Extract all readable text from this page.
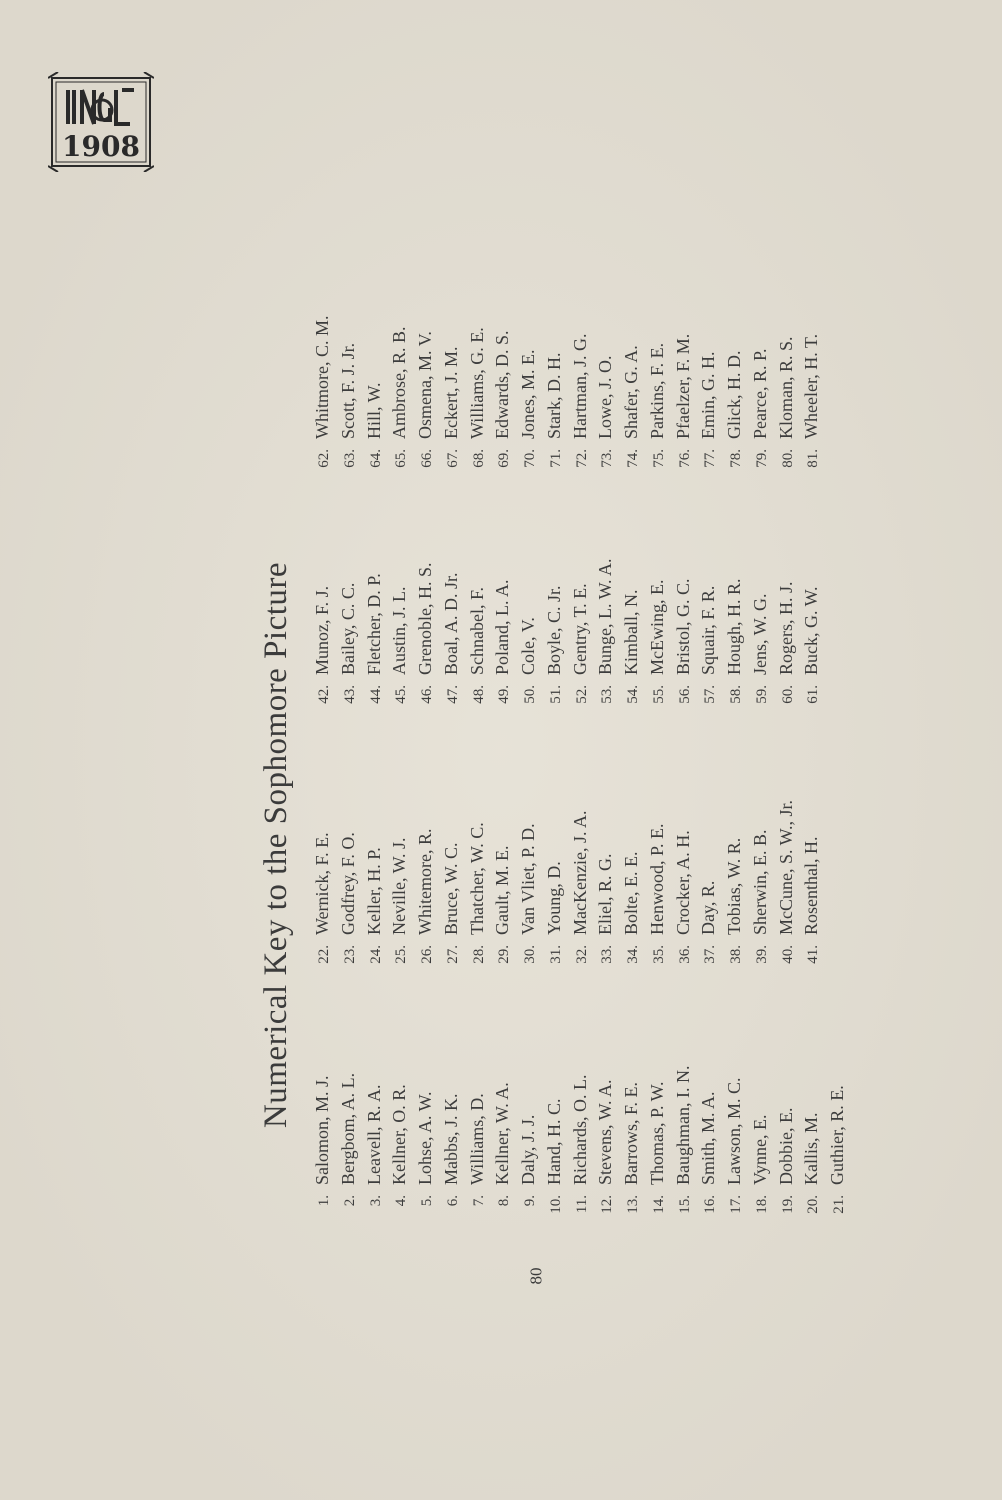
1908
Numerical Key to the Sophomore Picture
1.Salomon, M. J.
2.Bergbom, A. L.
3.Leavell, R. A.
4.Kellner, O. R.
5.Lohse, A. W.
6.Mabbs, J. K.
7.Williams, D.
8.Kellner, W. A.
9.Daly, J. J.
10.Hand, H. C.
11.Richards, O. L.
12.Stevens, W. A.
13.Barrows, F. E.
14.Thomas, P. W.
15.Baughman, I. N.
16.Smith, M. A.
17.Lawson, M. C.
18.Vynne, E.
19.Dobbie, E.
20.Kallis, M.
21.Guthier, R. E.
22.Wernick, F. E.
23.Godfrey, F. O.
24.Keller, H. P.
25.Neville, W. J.
26.Whitemore, R.
27.Bruce, W. C.
28.Thatcher, W. C.
29.Gault, M. E.
30.Van Vliet, P. D.
31.Young, D.
32.MacKenzie, J. A.
33.Eliel, R. G.
34.Bolte, E. E.
35.Henwood, P. E.
36.Crocker, A. H.
37.Day, R.
38.Tobias, W. R.
39.Sherwin, E. B.
40.McCune, S. W., Jr.
41.Rosenthal, H.
42.Munoz, F. J.
43.Bailey, C. C.
44.Fletcher, D. P.
45.Austin, J. L.
46.Grenoble, H. S.
47.Boal, A. D. Jr.
48.Schnabel, F.
49.Poland, L. A.
50.Cole, V.
51.Boyle, C. Jr.
52.Gentry, T. E.
53.Bunge, L. W. A.
54.Kimball, N.
55.McEwing, E.
56.Bristol, G. C.
57.Squair, F. R.
58.Hough, H. R.
59.Jens, W. G.
60.Rogers, H. J.
61.Buck, G. W.
62.Whitmore, C. M.
63.Scott, F. J. Jr.
64.Hill, W.
65.Ambrose, R. B.
66.Osmena, M. V.
67.Eckert, J. M.
68.Williams, G. E.
69.Edwards, D. S.
70.Jones, M. E.
71.Stark, D. H.
72.Hartman, J. G.
73.Lowe, J. O.
74.Shafer, G. A.
75.Parkins, F. E.
76.Pfaelzer, F. M.
77.Emin, G. H.
78.Glick, H. D.
79.Pearce, R. P.
80.Kloman, R. S.
81.Wheeler, H. T.
80
